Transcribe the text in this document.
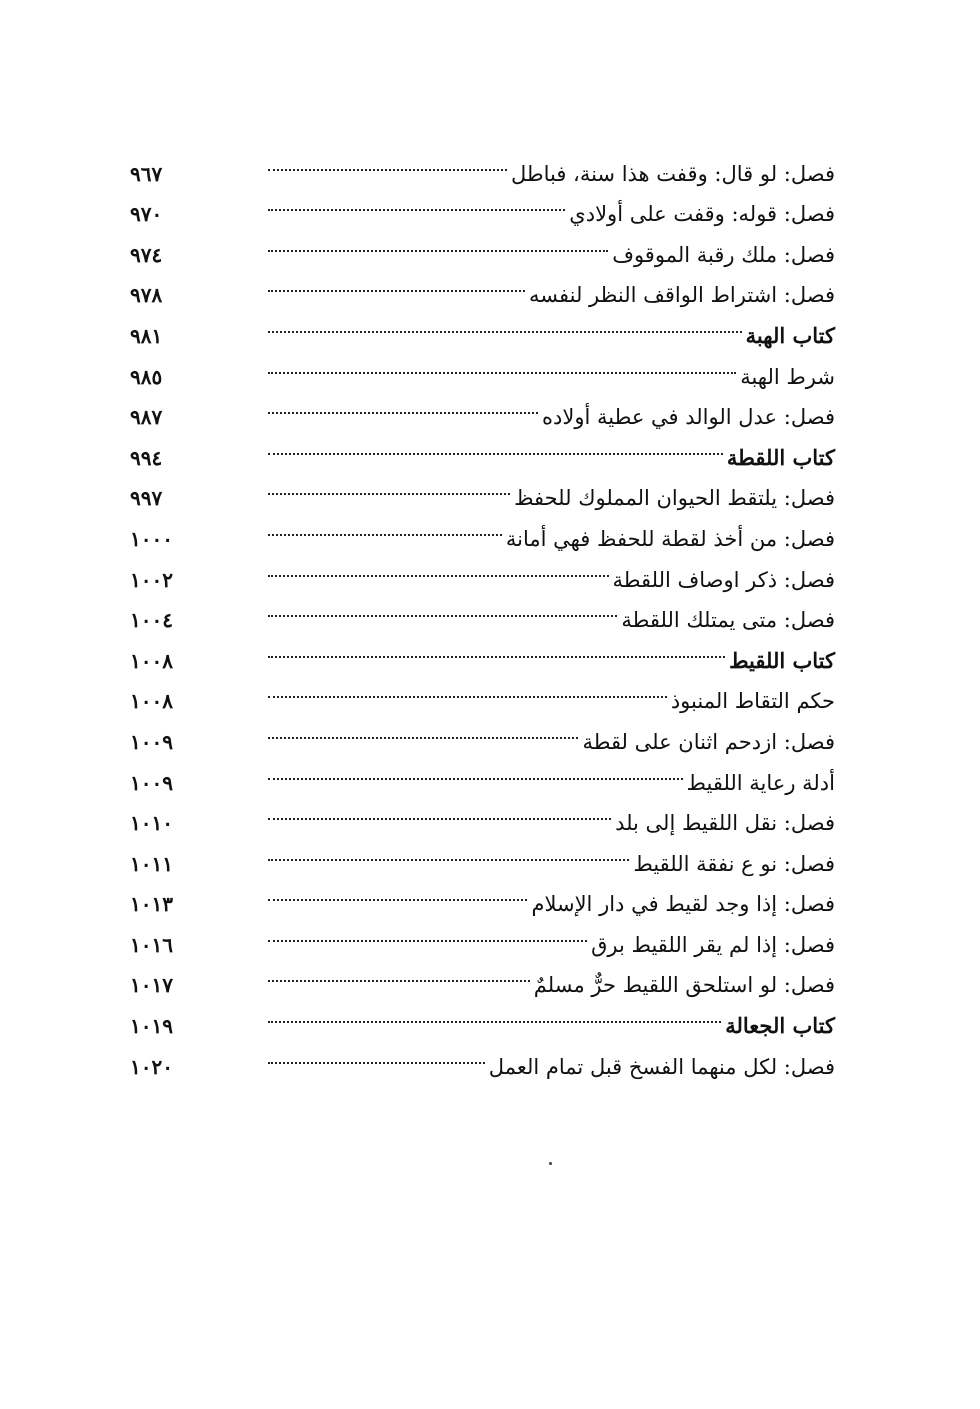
فصل: لو قال: وقفت هذا سنة، فباطل
٩٦٧
فصل: قوله: وقفت على أولادي
٩٧٠
فصل: ملك رقبة الموقوف
٩٧٤
فصل: اشتراط الواقف النظر لنفسه
٩٧٨
كتاب الهبة
٩٨١
شرط الهبة
٩٨٥
فصل: عدل الوالد في عطية أولاده
٩٨٧
كتاب اللقطة
٩٩٤
فصل: يلتقط الحيوان المملوك للحفظ
٩٩٧
فصل: من أخذ لقطة للحفظ فهي أمانة
١٠٠٠
فصل: ذكر اوصاف اللقطة
١٠٠٢
فصل: متى يمتلك اللقطة
١٠٠٤
كتاب اللقيط
١٠٠٨
حكم التقاط المنبوذ
١٠٠٨
فصل: ازدحم اثنان على لقطة
١٠٠٩
أدلة رعاية اللقيط
١٠٠٩
فصل: نقل اللقيط إلى بلد
١٠١٠
فصل: نو ع نفقة اللقيط
١٠١١
فصل: إذا وجد لقيط في دار الإسلام
١٠١٣
فصل: إذا لم يقر اللقيط برق
١٠١٦
فصل: لو استلحق اللقيط حرٌّ مسلمٌ
١٠١٧
كتاب الجعالة
١٠١٩
فصل: لكل منهما الفسخ قبل تمام العمل
١٠٢٠
